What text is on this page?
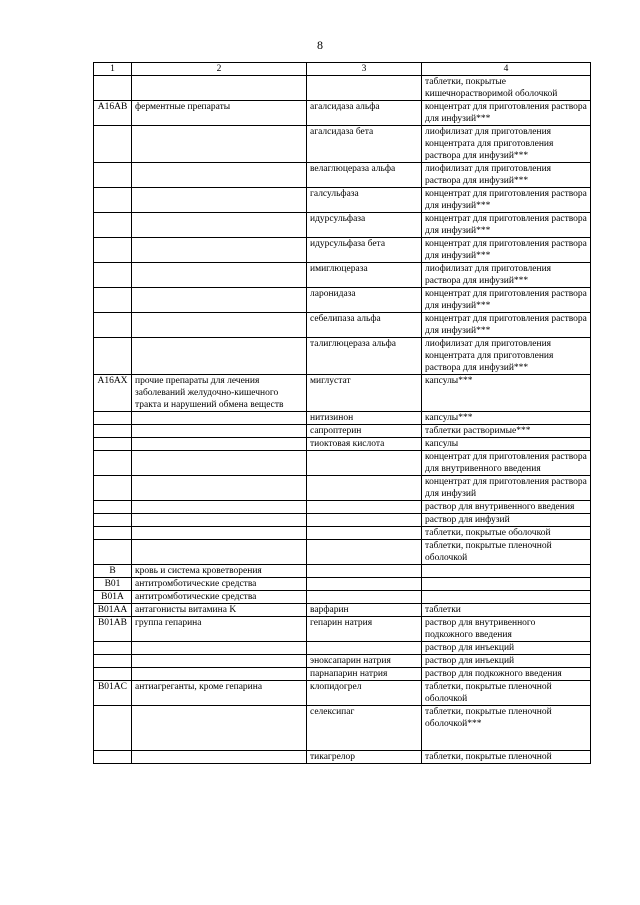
8
1	2	3	4
			таблетки, покрытые
кишечнорастворимой оболочкой
A16AB	ферментные препараты	агалсидаза альфа	концентрат для приготовления раствора для инфузий***
		агалсидаза бета	лиофилизат для приготовления концентрата для приготовления раствора для инфузий***
		велаглюцераза альфа	лиофилизат для приготовления раствора для инфузий***
		галсульфаза	концентрат для приготовления раствора для инфузий***
		идурсульфаза	концентрат для приготовления раствора для инфузий***
		идурсульфаза бета	концентрат для приготовления раствора для инфузий***
		имиглюцераза	лиофилизат для приготовления раствора для инфузий***
		ларонидаза	концентрат для приготовления раствора для инфузий***
		себелипаза альфа	концентрат для приготовления раствора для инфузий***
		талиглюцераза альфа	лиофилизат для приготовления концентрата для приготовления раствора для инфузий***
A16AX	прочие препараты для лечения заболеваний желудочно-кишечного тракта и нарушений обмена веществ	миглустат	капсулы***
		нитизинон	капсулы***
		сапроптерин	таблетки растворимые***
		тиоктовая кислота	капсулы
			концентрат для приготовления раствора для внутривенного введения
			концентрат для приготовления раствора для инфузий
			раствор для внутривенного введения
			раствор для инфузий
			таблетки, покрытые оболочкой
			таблетки, покрытые пленочной оболочкой
B	кровь и система кроветворения		
B01	антитромботические средства		
B01A	антитромботические средства		
B01AA	антагонисты витамина K	варфарин	таблетки
B01AB	группа гепарина	гепарин натрия	раствор для внутривенного
подкожного введения
			раствор для инъекций
		эноксапарин натрия	раствор для инъекций
		парнапарин натрия	раствор для подкожного введения
B01AC	антиагреганты, кроме гепарина	клопидогрел	таблетки, покрытые пленочной оболочкой
		селексипаг	таблетки, покрытые пленочной оболочкой***
		тикагрелор	таблетки, покрытые пленочной
